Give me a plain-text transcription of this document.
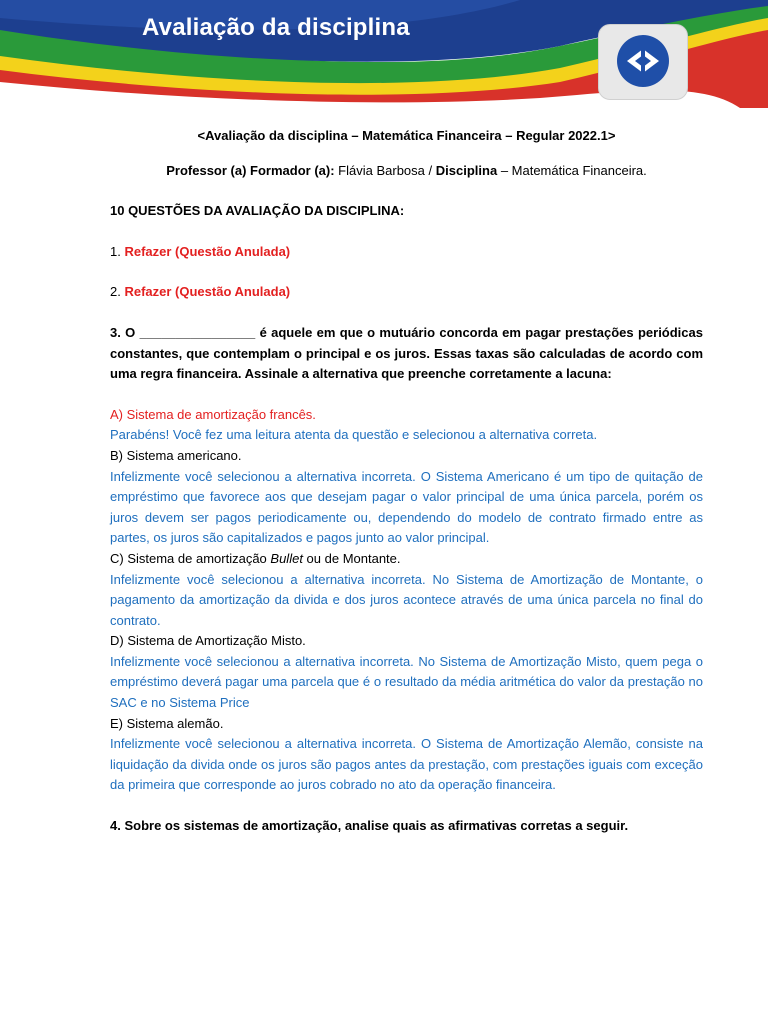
Avaliação da disciplina

<Avaliação da disciplina – Matemática Financeira – Regular 2022.1>

Professor (a) Formador (a): Flávia Barbosa / Disciplina – Matemática Financeira.

10 QUESTÕES DA AVALIAÇÃO DA DISCIPLINA:

1. Refazer (Questão Anulada)

2. Refazer (Questão Anulada)

3. O ________________ é aquele em que o mutuário concorda em pagar prestações periódicas constantes, que contemplam o principal e os juros. Essas taxas são calculadas de acordo com uma regra financeira. Assinale a alternativa que preenche corretamente a lacuna:

A) Sistema de amortização francês.

Parabéns! Você fez uma leitura atenta da questão e selecionou a alternativa correta.

B) Sistema americano.

Infelizmente você selecionou a alternativa incorreta. O Sistema Americano é um tipo de quitação de empréstimo que favorece aos que desejam pagar o valor principal de uma única parcela, porém os juros devem ser pagos periodicamente ou, dependendo do modelo de contrato firmado entre as partes, os juros são capitalizados e pagos junto ao valor principal.

C) Sistema de amortização Bullet ou de Montante.

Infelizmente você selecionou a alternativa incorreta. No Sistema de Amortização de Montante, o pagamento da amortização da divida e dos juros acontece através de uma única parcela no final do contrato.

D) Sistema de Amortização Misto.

Infelizmente você selecionou a alternativa incorreta. No Sistema de Amortização Misto, quem pega o empréstimo deverá pagar uma parcela que é o resultado da média aritmética do valor da prestação no SAC e no Sistema Price

E) Sistema alemão.

Infelizmente você selecionou a alternativa incorreta. O Sistema de Amortização Alemão, consiste na liquidação da divida onde os juros são pagos antes da prestação, com prestações iguais com exceção da primeira que corresponde ao juros cobrado no ato da operação financeira.

4. Sobre os sistemas de amortização, analise quais as afirmativas corretas a seguir.
